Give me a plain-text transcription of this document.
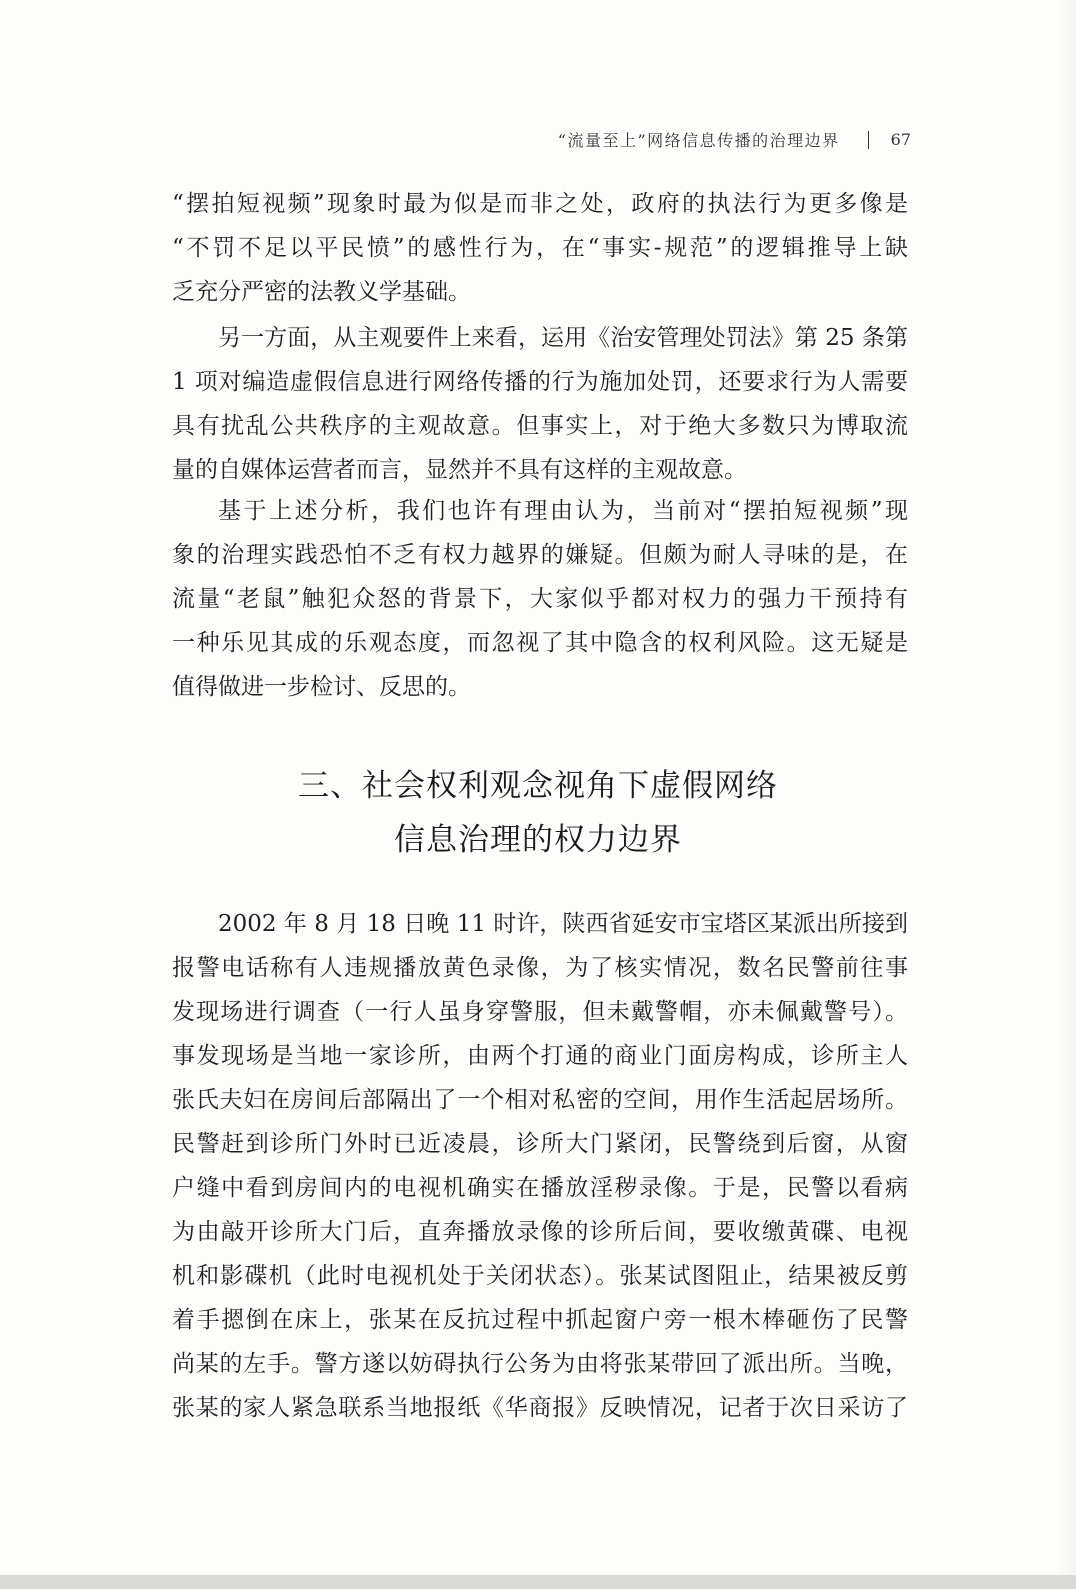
“流量至上”网络信息传播的治理边界	67
“摆拍短视频”现象时最为似是而非之处，政府的执法行为更多像是
“不罚不足以平民愤”的感性行为，在“事实-规范”的逻辑推导上缺
乏充分严密的法教义学基础。
另一方面，从主观要件上来看，运用《治安管理处罚法》第 25 条第
1 项对编造虚假信息进行网络传播的行为施加处罚，还要求行为人需要
具有扰乱公共秩序的主观故意。但事实上，对于绝大多数只为博取流
量的自媒体运营者而言，显然并不具有这样的主观故意。
基于上述分析，我们也许有理由认为，当前对“摆拍短视频”现
象的治理实践恐怕不乏有权力越界的嫌疑。但颇为耐人寻味的是，在
流量“老鼠”触犯众怒的背景下，大家似乎都对权力的强力干预持有
一种乐见其成的乐观态度，而忽视了其中隐含的权利风险。这无疑是
值得做进一步检讨、反思的。
三、社会权利观念视角下虚假网络
信息治理的权力边界
2002 年 8 月 18 日晚 11 时许，陕西省延安市宝塔区某派出所接到
报警电话称有人违规播放黄色录像，为了核实情况，数名民警前往事
发现场进行调查（一行人虽身穿警服，但未戴警帽，亦未佩戴警号）。
事发现场是当地一家诊所，由两个打通的商业门面房构成，诊所主人
张氏夫妇在房间后部隔出了一个相对私密的空间，用作生活起居场所。
民警赶到诊所门外时已近凌晨，诊所大门紧闭，民警绕到后窗，从窗
户缝中看到房间内的电视机确实在播放淫秽录像。于是，民警以看病
为由敲开诊所大门后，直奔播放录像的诊所后间，要收缴黄碟、电视
机和影碟机（此时电视机处于关闭状态）。张某试图阻止，结果被反剪
着手摁倒在床上，张某在反抗过程中抓起窗户旁一根木棒砸伤了民警
尚某的左手。警方遂以妨碍执行公务为由将张某带回了派出所。当晚，
张某的家人紧急联系当地报纸《华商报》反映情况，记者于次日采访了
